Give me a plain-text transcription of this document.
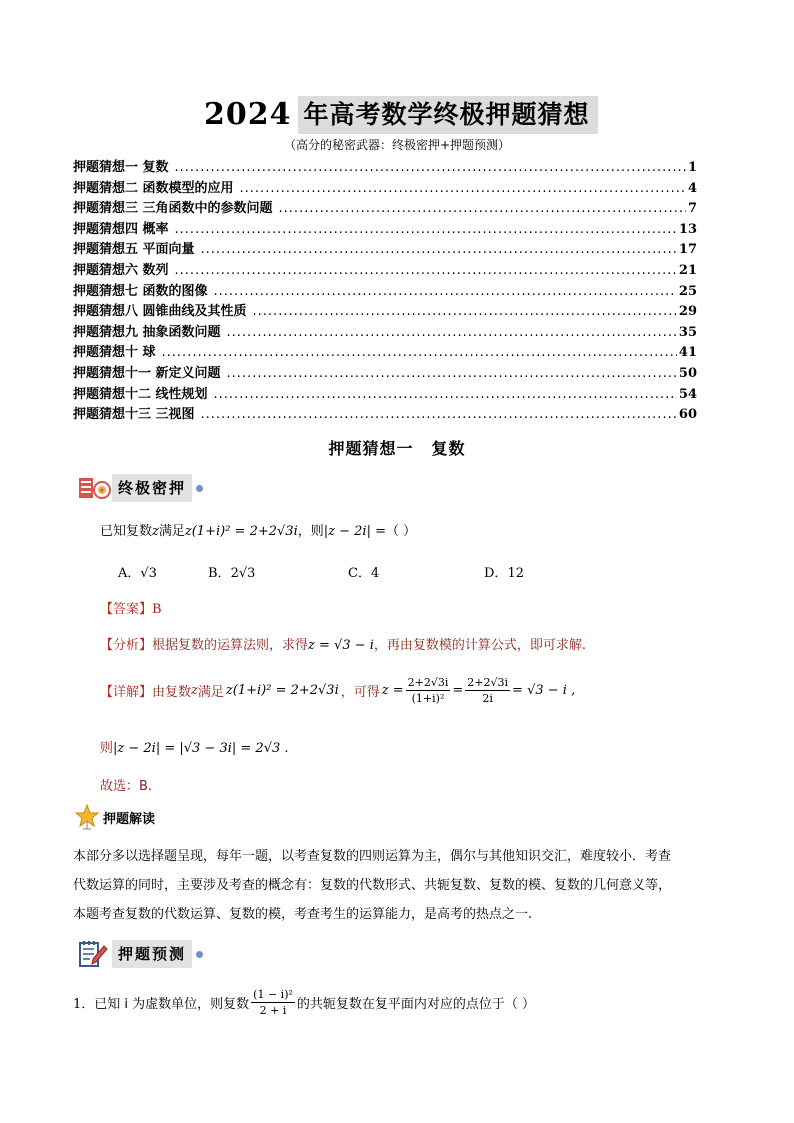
2024 年高考数学终极押题猜想
（高分的秘密武器：终极密押+押题预测）
押题猜想一 复数 .....	1
押题猜想二 函数模型的应用 .....	4
押题猜想三 三角函数中的参数问题 .....	7
押题猜想四 概率 .....	13
押题猜想五 平面向量 .....	17
押题猜想六 数列 .....	21
押题猜想七 函数的图像 .....	25
押题猜想八 圆锥曲线及其性质 .....	29
押题猜想九 抽象函数问题 .....	35
押题猜想十 球 .....	41
押题猜想十一 新定义问题 .....	50
押题猜想十二 线性规划 .....	54
押题猜想十三 三视图 .....	60
押题猜想一 复数
终极密押
已知复数z满足z(1+i)² = 2+2√3i，则|z − 2i| =（ ）
A．√3	B．2√3	C．4	D．12
【答案】B
【分析】根据复数的运算法则，求得z = √3 − i，再由复数模的计算公式，即可求解.
【详解】 由复数 z 满足 z(1+i)² = 2+2√3i ，可得 $z = \frac{2+2√3i}{\text{(1+i)²}} = \frac{2+2√3i}{2i} = √3 - i$ ,
则|z − 2i| = |√3 − 3i| = 2√3 .
故选：B.
押题解读
本部分多以选择题呈现，每年一题，以考查复数的四则运算为主，偶尔与其他知识交汇，难度较小．考查
代数运算的同时，主要涉及考查的概念有：复数的代数形式、共轭复数、复数的模、复数的几何意义等，
本题考查复数的代数运算、复数的模，考查考生的运算能力，是高考的热点之一.
押题预测
1． 已知 i 为虚数单位，则复数 $\frac{\text{(1 − i)²}}{2 + i}$ 的共轭复数在复平面内对应的点位于（ ）
